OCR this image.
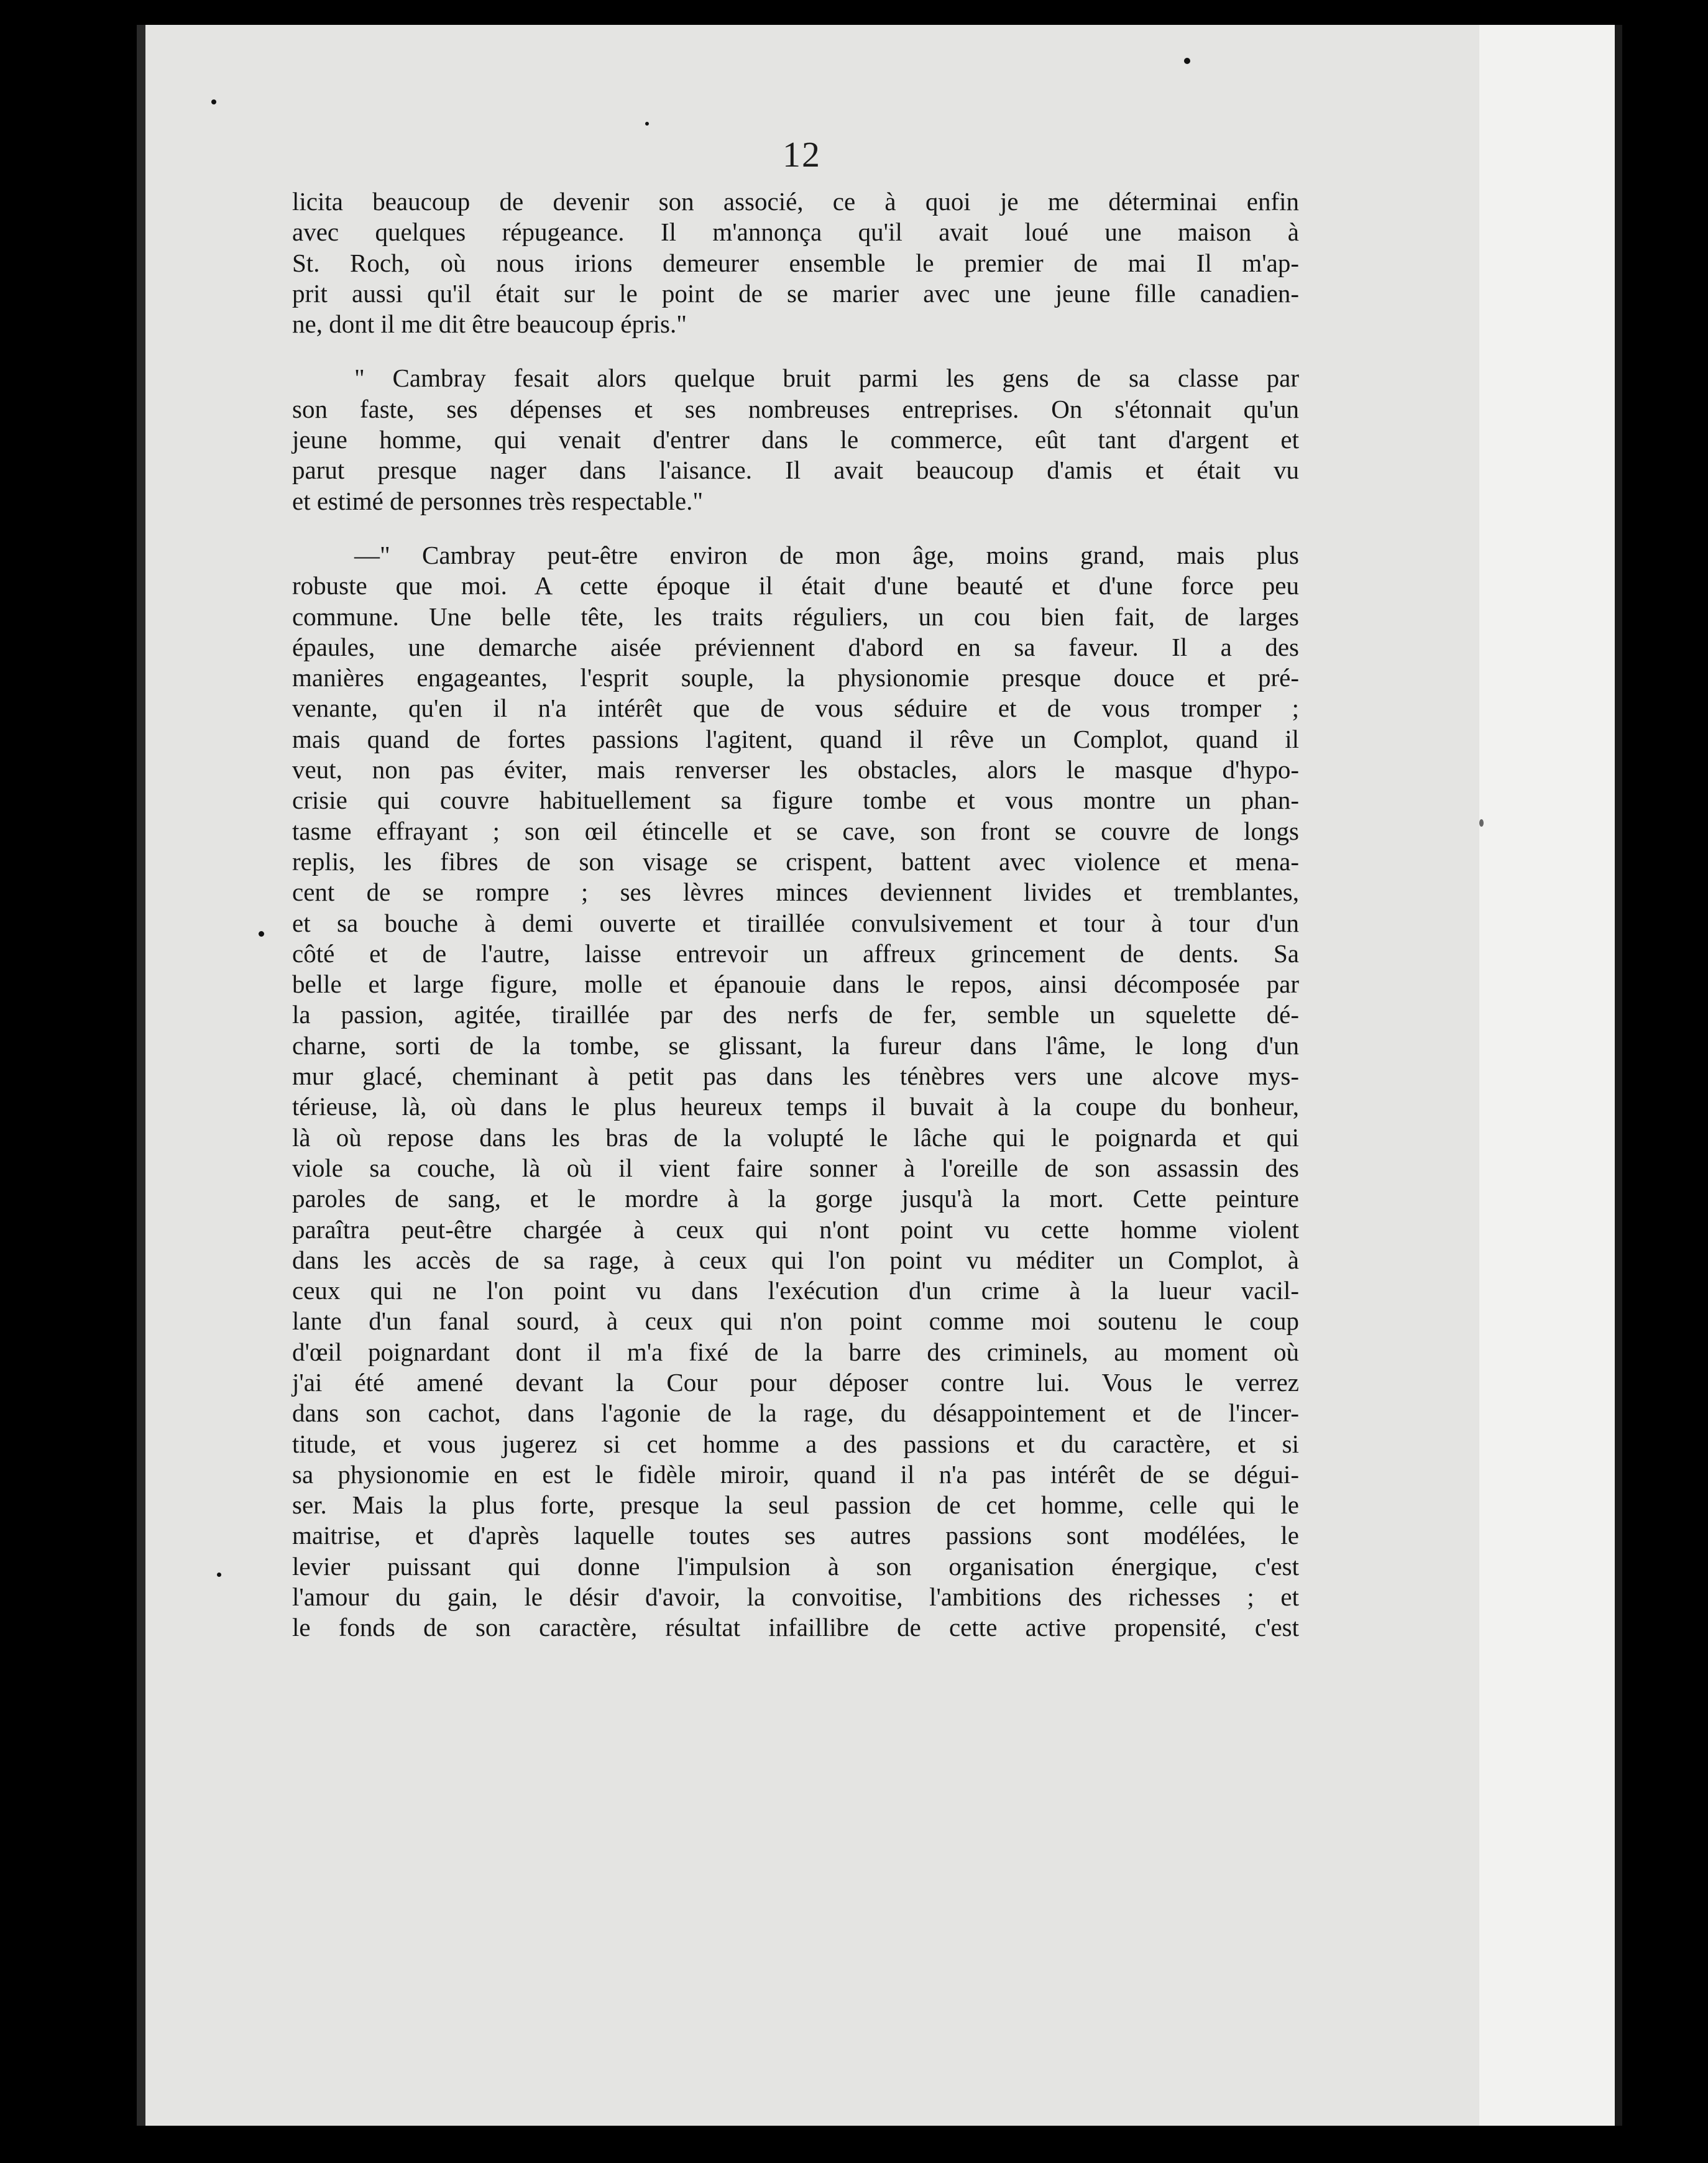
12
licita beaucoup de devenir son associé, ce à quoi je me déterminai enfin
avec quelques répugeance. Il m'annonça qu'il avait loué une maison à
St. Roch, où nous irions demeurer ensemble le premier de mai Il m'ap-
prit aussi qu'il était sur le point de se marier avec une jeune fille canadien-
ne, dont il me dit être beaucoup épris."
" Cambray fesait alors quelque bruit parmi les gens de sa classe par
son faste, ses dépenses et ses nombreuses entreprises. On s'étonnait qu'un
jeune homme, qui venait d'entrer dans le commerce, eût tant d'argent et
parut presque nager dans l'aisance. Il avait beaucoup d'amis et était vu
et estimé de personnes très respectable."
—" Cambray peut-être environ de mon âge, moins grand, mais plus
robuste que moi. A cette époque il était d'une beauté et d'une force peu
commune. Une belle tête, les traits réguliers, un cou bien fait, de larges
épaules, une demarche aisée préviennent d'abord en sa faveur. Il a des
manières engageantes, l'esprit souple, la physionomie presque douce et pré-
venante, qu'en il n'a intérêt que de vous séduire et de vous tromper ;
mais quand de fortes passions l'agitent, quand il rêve un Complot, quand il
veut, non pas éviter, mais renverser les obstacles, alors le masque d'hypo-
crisie qui couvre habituellement sa figure tombe et vous montre un phan-
tasme effrayant ; son œil étincelle et se cave, son front se couvre de longs
replis, les fibres de son visage se crispent, battent avec violence et mena-
cent de se rompre ; ses lèvres minces deviennent livides et tremblantes,
et sa bouche à demi ouverte et tiraillée convulsivement et tour à tour d'un
côté et de l'autre, laisse entrevoir un affreux grincement de dents. Sa
belle et large figure, molle et épanouie dans le repos, ainsi décomposée par
la passion, agitée, tiraillée par des nerfs de fer, semble un squelette dé-
charne, sorti de la tombe, se glissant, la fureur dans l'âme, le long d'un
mur glacé, cheminant à petit pas dans les ténèbres vers une alcove mys-
térieuse, là, où dans le plus heureux temps il buvait à la coupe du bonheur,
là où repose dans les bras de la volupté le lâche qui le poignarda et qui
viole sa couche, là où il vient faire sonner à l'oreille de son assassin des
paroles de sang, et le mordre à la gorge jusqu'à la mort. Cette peinture
paraîtra peut-être chargée à ceux qui n'ont point vu cette homme violent
dans les accès de sa rage, à ceux qui l'on point vu méditer un Complot, à
ceux qui ne l'on point vu dans l'exécution d'un crime à la lueur vacil-
lante d'un fanal sourd, à ceux qui n'on point comme moi soutenu le coup
d'œil poignardant dont il m'a fixé de la barre des criminels, au moment où
j'ai été amené devant la Cour pour déposer contre lui. Vous le verrez
dans son cachot, dans l'agonie de la rage, du désappointement et de l'incer-
titude, et vous jugerez si cet homme a des passions et du caractère, et si
sa physionomie en est le fidèle miroir, quand il n'a pas intérêt de se dégui-
ser. Mais la plus forte, presque la seul passion de cet homme, celle qui le
maitrise, et d'après laquelle toutes ses autres passions sont modélées, le
levier puissant qui donne l'impulsion à son organisation énergique, c'est
l'amour du gain, le désir d'avoir, la convoitise, l'ambitions des richesses ; et
le fonds de son caractère, résultat infaillibre de cette active propensité, c'est
